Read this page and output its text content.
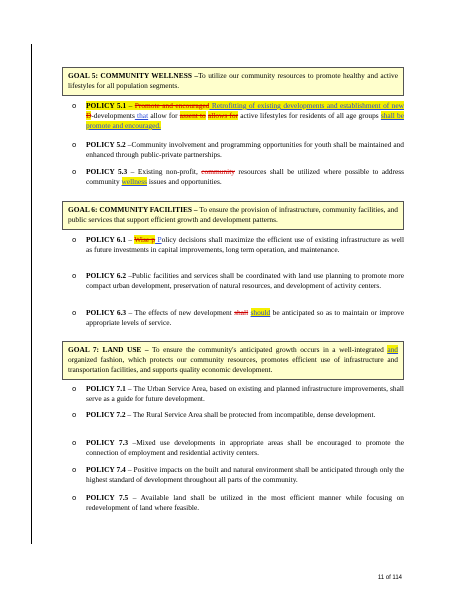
GOAL 5: COMMUNITY WELLNESS –To utilize our community resources to promote healthy and active lifestyles for all population segments.
o POLICY 5.1 – Promote and encouraged Retrofitting of existing developments and establishment of new D-developments that allow for assent to allows for active lifestyles for residents of all age groups shall be promote and encouraged.
o POLICY 5.2 –Community involvement and programming opportunities for youth shall be maintained and enhanced through public-private partnerships.
o POLICY 5.3 – Existing non-profit, community resources shall be utilized where possible to address community wellness issues and opportunities.
GOAL 6: COMMUNITY FACILITIES – To ensure the provision of infrastructure, community facilities, and public services that support efficient growth and development patterns.
o POLICY 6.1 – Wise p Policy decisions shall maximize the efficient use of existing infrastructure as well as future investments in capital improvements, long term operation, and maintenance.
o POLICY 6.2 –Public facilities and services shall be coordinated with land use planning to promote more compact urban development, preservation of natural resources, and development of activity centers.
o POLICY 6.3 – The effects of new development shall should be anticipated so as to maintain or improve appropriate levels of service.
GOAL 7: LAND USE – To ensure the community's anticipated growth occurs in a well-integrated and organized fashion, which protects our community resources, promotes efficient use of infrastructure and transportation facilities, and supports quality economic development.
o POLICY 7.1 – The Urban Service Area, based on existing and planned infrastructure improvements, shall serve as a guide for future development.
o POLICY 7.2 – The Rural Service Area shall be protected from incompatible, dense development.
o POLICY 7.3 –Mixed use developments in appropriate areas shall be encouraged to promote the connection of employment and residential activity centers.
o POLICY 7.4 – Positive impacts on the built and natural environment shall be anticipated through only the highest standard of development throughout all parts of the community.
o POLICY 7.5 – Available land shall be utilized in the most efficient manner while focusing on redevelopment of land where feasible.
11 of 114
